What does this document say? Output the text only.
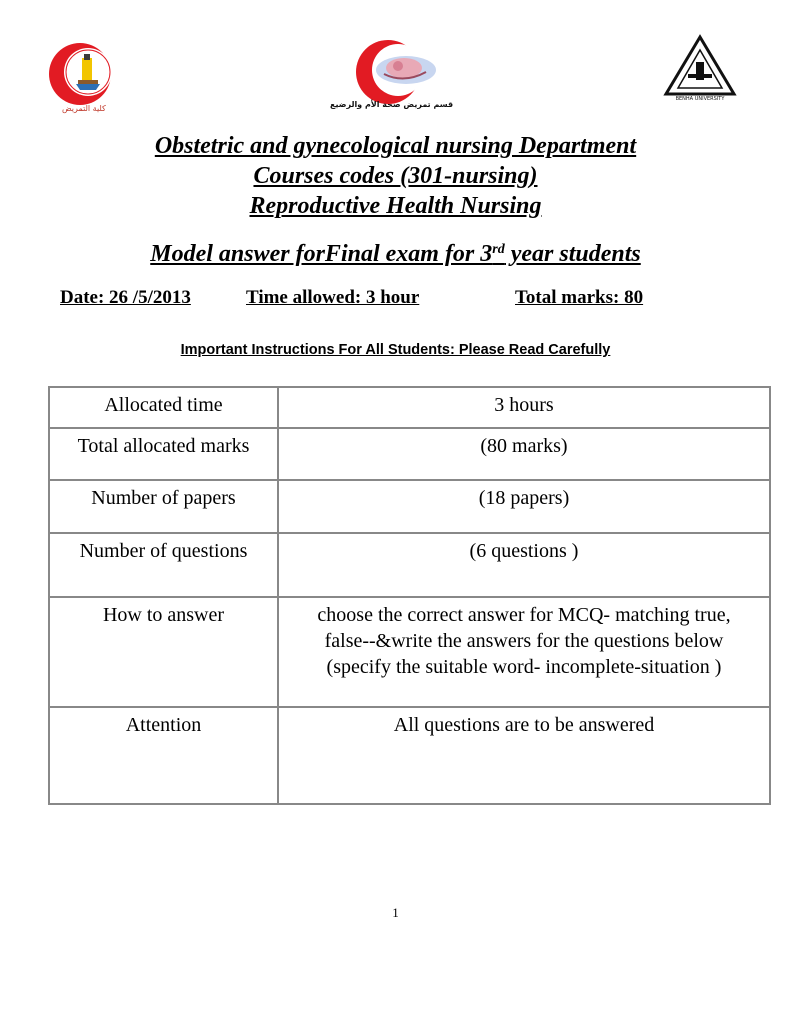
كلية التمريض	قسم تمريض صحة الأم والرضيع
BENHA UNIVERSITY
Obstetric and gynecological nursing Department
Courses codes (301-nursing)
Reproductive Health Nursing
Model answer forFinal exam for 3rd year students
Date: 26 /5/2013	Time allowed: 3 hour	Total marks: 80
Important Instructions For All Students: Please Read Carefully
Allocated time	3 hours
Total allocated marks	(80 marks)
Number of papers	(18 papers)
Number of questions	(6 questions )
How to answer	choose the correct answer for MCQ- matching true, false--&write the answers for the questions below (specify the suitable word- incomplete-situation )
Attention	All questions are to be answered
1
